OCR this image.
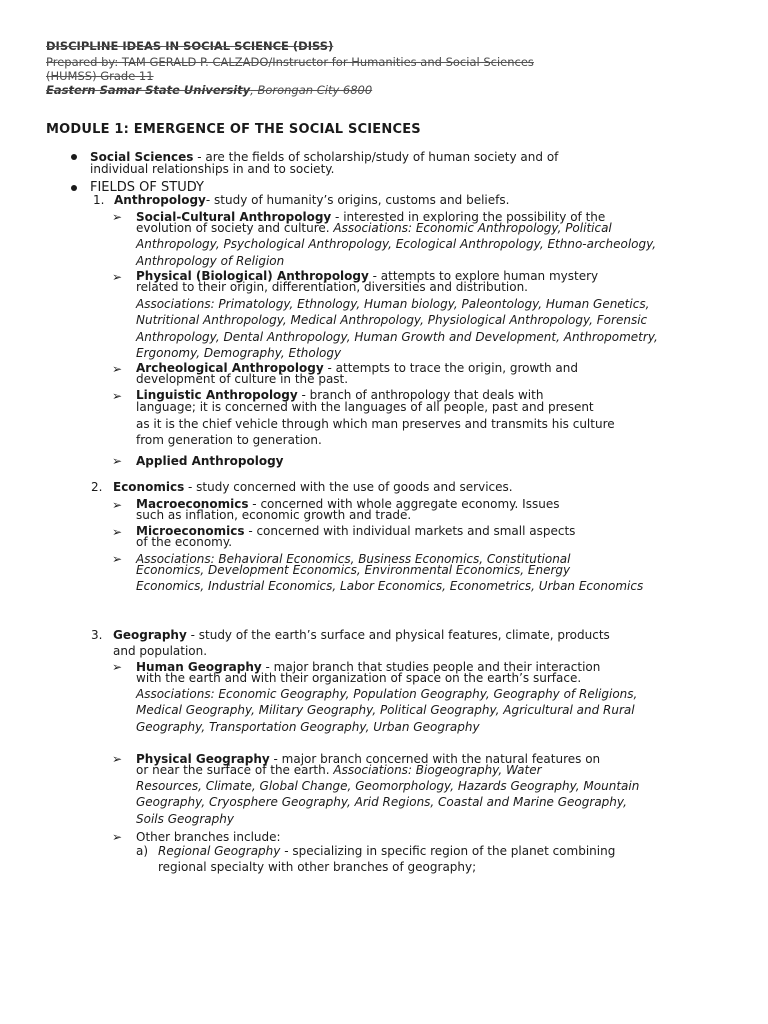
DISCIPLINE IDEAS IN SOCIAL SCIENCE (DISS)
Prepared by: TAM GERALD P. CALZADO/Instructor for Humanities and Social Sciences
(HUMSS) Grade 11
Eastern Samar State University, Borongan City 6800
MODULE 1: EMERGENCE OF THE SOCIAL SCIENCES
Social Sciences - are the fields of scholarship/study of human society and of
individual relationships in and to society.
FIELDS OF STUDY
1. Anthropology- study of humanity’s origins, customs and beliefs.
➢ Social-Cultural Anthropology - interested in exploring the possibility of the
evolution of society and culture. Associations: Economic Anthropology, Political Anthropology, Psychological Anthropology, Ecological Anthropology, Ethno-archeology, Anthropology of Religion
➢ Physical (Biological) Anthropology - attempts to explore human mystery
related to their origin, differentiation, diversities and distribution.
Associations: Primatology, Ethnology, Human biology, Paleontology, Human Genetics, Nutritional Anthropology, Medical Anthropology, Physiological Anthropology, Forensic Anthropology, Dental Anthropology, Human Growth and Development, Anthropometry, Ergonomy, Demography, Ethology
➢ Archeological Anthropology - attempts to trace the origin, growth and
development of culture in the past.
➢ Linguistic Anthropology - branch of anthropology that deals with
language; it is concerned with the languages of all people, past and present
as it is the chief vehicle through which man preserves and transmits his culture from generation to generation.
➢ Applied Anthropology
2. Economics - study concerned with the use of goods and services.
➢ Macroeconomics - concerned with whole aggregate economy. Issues
such as inflation, economic growth and trade.
➢ Microeconomics - concerned with individual markets and small aspects
of the economy.
➢ Associations: Behavioral Economics, Business Economics, Constitutional
Economics, Development Economics, Environmental Economics, Energy
Economics, Industrial Economics, Labor Economics, Econometrics, Urban Economics
3. Geography - study of the earth’s surface and physical features, climate, products and population.
➢ Human Geography - major branch that studies people and their interaction
with the earth and with their organization of space on the earth’s surface.
Associations: Economic Geography, Population Geography, Geography of Religions, Medical Geography, Military Geography, Political Geography, Agricultural and Rural Geography, Transportation Geography, Urban Geography
➢ Physical Geography - major branch concerned with the natural features on
or near the surface of the earth. Associations: Biogeography, Water
Resources, Climate, Global Change, Geomorphology, Hazards Geography, Mountain Geography, Cryosphere Geography, Arid Regions, Coastal and Marine Geography, Soils Geography
➢ Other branches include:
a) Regional Geography - specializing in specific region of the planet combining regional specialty with other branches of geography;
